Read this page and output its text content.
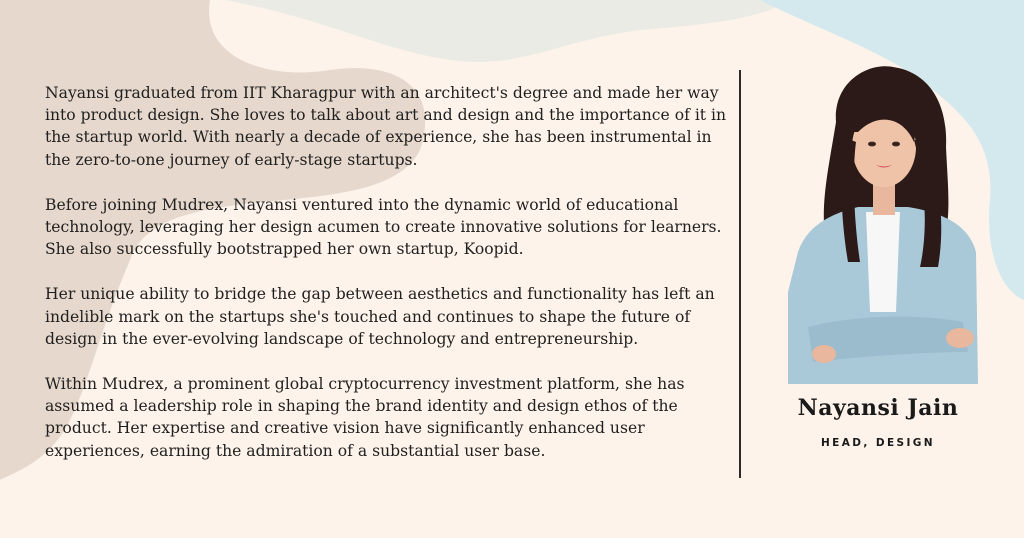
Nayansi graduated from IIT Kharagpur with an architect's degree and made her way into product design. She loves to talk about art and design and the importance of it in the startup world. With nearly a decade of experience, she has been instrumental in the zero-to-one journey of early-stage startups.

Before joining Mudrex, Nayansi ventured into the dynamic world of educational technology, leveraging her design acumen to create innovative solutions for learners. She also successfully bootstrapped her own startup, Koopid.

Her unique ability to bridge the gap between aesthetics and functionality has left an indelible mark on the startups she's touched and continues to shape the future of design in the ever-evolving landscape of technology and entrepreneurship.

Within Mudrex, a prominent global cryptocurrency investment platform, she has assumed a leadership role in shaping the brand identity and design ethos of the product. Her expertise and creative vision have significantly enhanced user experiences, earning the admiration of a substantial user base.

Nayansi Jain
HEAD, DESIGN
